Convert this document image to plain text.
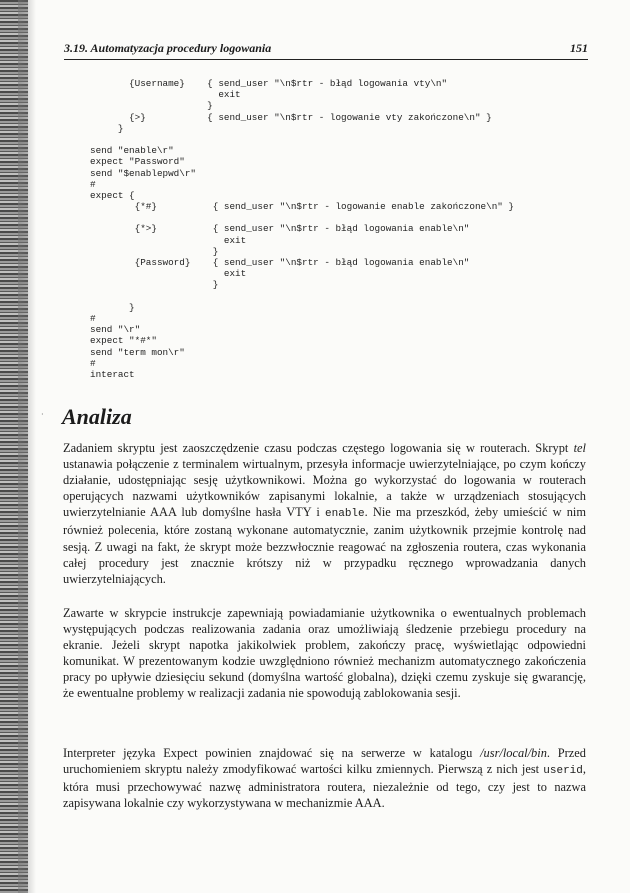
3.19. Automatyzacja procedury logowania	151
{Username}    { send_user "\n$rtr - błąd logowania vty\n"
exit
}
{>}           { send_user "\n$rtr - logowanie vty zakończone\n" }
}
send "enable\r"
expect "Password"
send "$enablepwd\r"
#
expect {
{*#}          { send_user "\n$rtr - logowanie enable zakończone\n" }
{*>}          { send_user "\n$rtr - błąd logowania enable\n"
exit
}
{Password}    { send_user "\n$rtr - błąd logowania enable\n"
exit
}
}
#
send "\r"
expect "*#*"
send "term mon\r"
#
interact
· Analiza

Zadaniem skryptu jest zaoszczędzenie czasu podczas częstego logowania się w routerach. Skrypt tel ustanawia połączenie z terminalem wirtualnym, przesyła informacje uwierzytelniające, po czym kończy działanie, udostępniając sesję użytkownikowi. Można go wykorzystać do logowania w routerach operujących nazwami użytkowników zapisanymi lokalnie, a także w urządzeniach stosujących uwierzytelnianie AAA lub domyślne hasła VTY i enable. Nie ma przeszkód, żeby umieścić w nim również polecenia, które zostaną wykonane automatycznie, zanim użytkownik przejmie kontrolę nad sesją. Z uwagi na fakt, że skrypt może bezzwłocznie reagować na zgłoszenia routera, czas wykonania całej procedury jest znacznie krótszy niż w przypadku ręcznego wprowadzania danych uwierzytelniających.

Zawarte w skrypcie instrukcje zapewniają powiadamianie użytkownika o ewentualnych problemach występujących podczas realizowania zadania oraz umożliwiają śledzenie przebiegu procedury na ekranie. Jeżeli skrypt napotka jakikolwiek problem, zakończy pracę, wyświetlając odpowiedni komunikat. W prezentowanym kodzie uwzględniono również mechanizm automatycznego zakończenia pracy po upływie dziesięciu sekund (domyślna wartość globalna), dzięki czemu zyskuje się gwarancję, że ewentualne problemy w realizacji zadania nie spowodują zablokowania sesji.

Interpreter języka Expect powinien znajdować się na serwerze w katalogu /usr/local/bin. Przed uruchomieniem skryptu należy zmodyfikować wartości kilku zmiennych. Pierwszą z nich jest userid, która musi przechowywać nazwę administratora routera, niezależnie od tego, czy jest to nazwa zapisywana lokalnie czy wykorzystywana w mechanizmie AAA.
